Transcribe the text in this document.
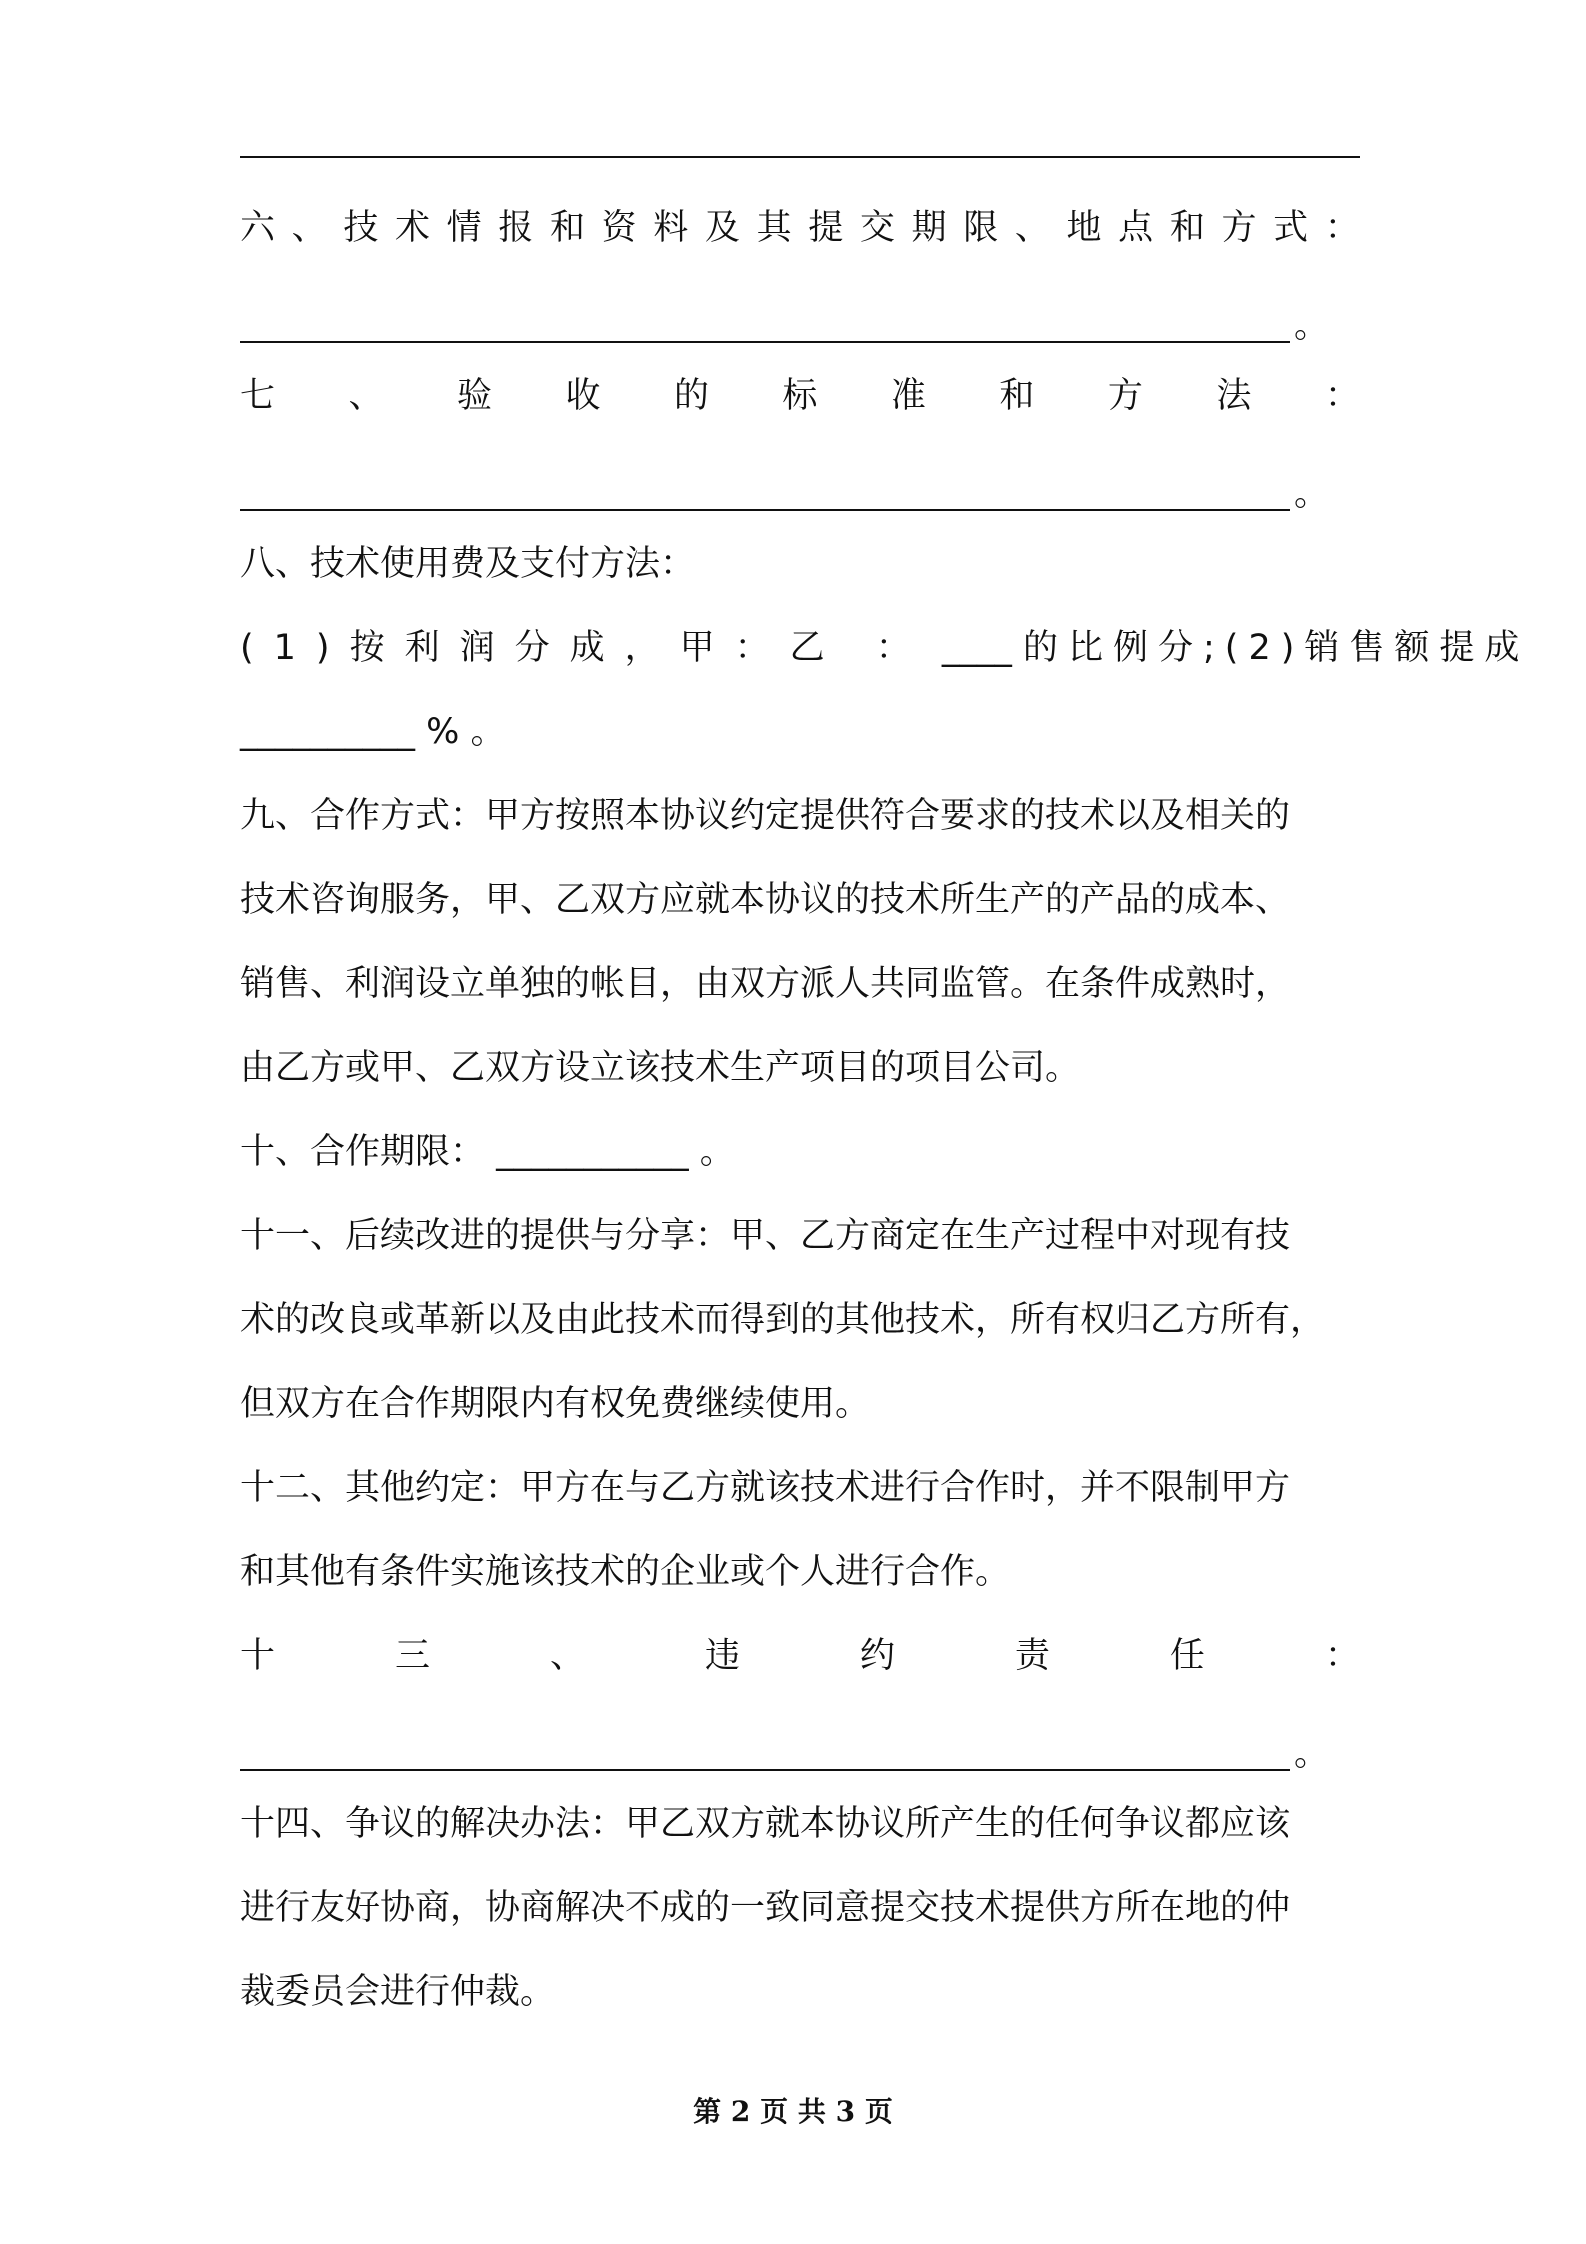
六 、 技 术 情 报 和 资 料 及 其 提 交 期 限 、 地 点 和 方 式 ：
。
七 、 验 收 的 标 准 和 方 法 ：
。
八、技术使用费及支付方法：
(1)按利润分成，甲：乙 ： ____ 的比例分;(2)销售额提成
__________ % 。
九、合作方式：甲方按照本协议约定提供符合要求的技术以及相关的
技术咨询服务，甲、乙双方应就本协议的技术所生产的产品的成本、
销售、利润设立单独的帐目，由双方派人共同监管。在条件成熟时，
由乙方或甲、乙双方设立该技术生产项目的项目公司。
十、合作期限： ___________ 。
十一、后续改进的提供与分享：甲、乙方商定在生产过程中对现有技
术的改良或革新以及由此技术而得到的其他技术，所有权归乙方所有，
但双方在合作期限内有权免费继续使用。
十二、其他约定：甲方在与乙方就该技术进行合作时，并不限制甲方
和其他有条件实施该技术的企业或个人进行合作。
十	三	、	违	约	责	任	：
。
十四、争议的解决办法：甲乙双方就本协议所产生的任何争议都应该
进行友好协商，协商解决不成的一致同意提交技术提供方所在地的仲
裁委员会进行仲裁。
第 2 页 共 3 页
